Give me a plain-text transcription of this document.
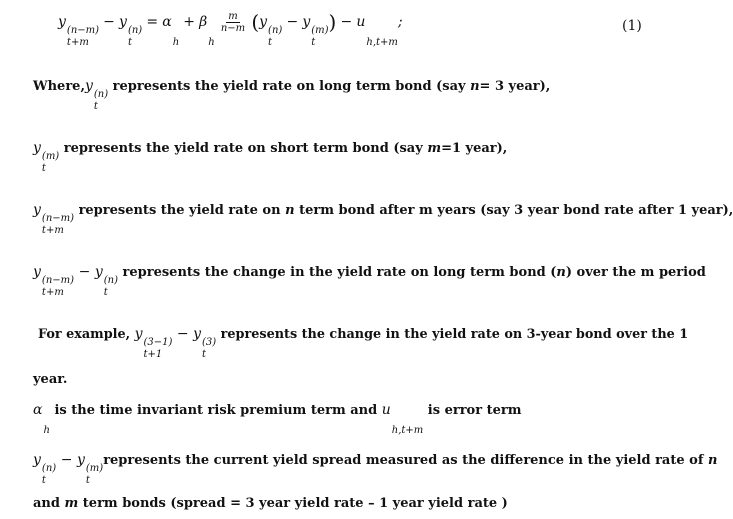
y
(n−m)
t+m
− y
(n)
t
= α

h
+ β

h

$\frac{m}{n-m} (y$
(n)
t
− y
(m)
t
) − u

h,t+m
;	(1)
Where,y
(n)
t
represents the yield rate on long term bond (say n= 3 year),
y
(m)
t
represents the yield rate on short term bond (say m=1 year),
y
(n−m)
t+m
represents the yield rate on n term bond after m years (say 3 year bond rate after 1 year),
y
(n−m)
t+m
− y
(n)
t
represents the change in the yield rate on long term bond (n) over the m period
For example, y
(3−1)
t+1
− y
(3)
t
represents the change in the yield rate on 3-year bond over the 1
year.
α

h
is the time invariant risk premium term and u

h,t+m
is error term
y
(n)
t
− y
(m)
t
represents the current yield spread measured as the difference in the yield rate of n
and m term bonds (spread = 3 year yield rate – 1 year yield rate )
